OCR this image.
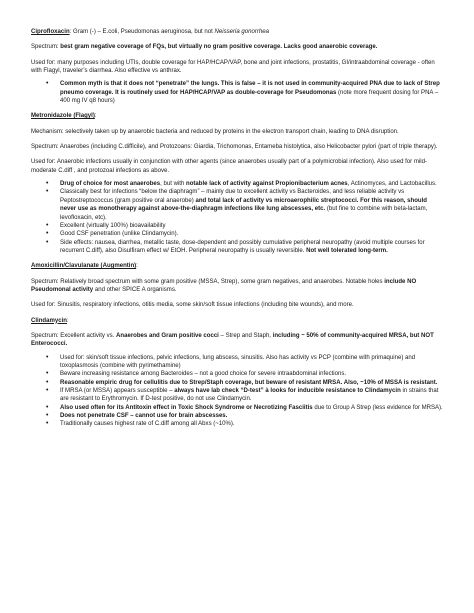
Ciprofloxacin: Gram (-) – E.coli, Pseudomonas aeruginosa, but not Neisseria gonorrhea

Spectrum: best gram negative coverage of FQs, but virtually no gram positive coverage. Lacks good anaerobic coverage.

Used for: many purposes including UTIs, double coverage for HAP/HCAP/VAP, bone and joint infections, prostatitis, GI/intraabdominal coverage - often with Flagyl, traveler’s diarrhea. Also effective vs anthrax.

• Common myth is that it does not “penetrate” the lungs. This is false – it is not used in community-acquired PNA due to lack of Strep pneumo coverage. It is routinely used for HAP/HCAP/VAP as double-coverage for Pseudomonas (note more frequent dosing for PNA – 400 mg IV q8 hours)

Metronidazole (Flagyl):

Mechanism: selectively taken up by anaerobic bacteria and reduced by proteins in the electron transport chain, leading to DNA disruption.

Spectrum: Anaerobes (including C.difficile), and Protozoans: Giardia, Trichomonas, Entameba histolytica, also Helicobacter pylori (part of triple therapy).

Used for: Anaerobic infections usually in conjunction with other agents (since anaerobes usually part of a polymicrobial infection). Also used for mild-moderate C.diff , and protozoal infections as above.

• Drug of choice for most anaerobes, but with notable lack of activity against Propionibacterium acnes, Actinomyces, and Lactobacillus.
• Classically best for infections “below the diaphragm” – mainly due to excellent activity vs Bacteroides, and less reliable activity vs Peptostreptococcus (gram positive oral anaerobe) and total lack of activity vs microaerophilic streptococci. For this reason, should never use as monotherapy against above-the-diaphragm infections like lung abscesses, etc. (but fine to combine with beta-lactam, levofloxacin, etc).
• Excellent (virtually 100%) bioavailability
• Good CSF penetration (unlike Clindamycin).
• Side effects: nausea, diarrhea, metallic taste, dose-dependent and possibly cumulative peripheral neuropathy (avoid multiple courses for recurrent C.diff), also Disulfiram effect w/ EtOH. Peripheral neuropathy is usually reversible. Not well tolerated long-term.

Amoxicillin/Clavulanate (Augmentin):

Spectrum: Relatively broad spectrum with some gram positive (MSSA, Strep), some gram negatives, and anaerobes. Notable holes include NO Pseudomonal activity and other SPICE A organisms.

Used for: Sinusitis, respiratory infections, otitis media, some skin/soft tissue infections (including bite wounds), and more.

Clindamycin:

Spectrum: Excellent activity vs. Anaerobes and Gram positive cocci – Strep and Staph, including ~ 50% of community-acquired MRSA, but NOT Enterococci.

• Used for: skin/soft tissue infections, pelvic infections, lung abscess, sinusitis. Also has activity vs PCP (combine with primaquine) and toxoplasmosis (combine with pyrimethamine)
• Beware increasing resistance among Bacteroides – not a good choice for severe intraabdominal infections.
• Reasonable empiric drug for cellulitis due to Strep/Staph coverage, but beware of resistant MRSA. Also, ~10% of MSSA is resistant.
• If MRSA (or MSSA) appears susceptible – always have lab check “D-test” à looks for inducible resistance to Clindamycin in strains that are resistant to Erythromycin. If D-test positive, do not use Clindamycin.
• Also used often for its Antitoxin effect in Toxic Shock Syndrome or Necrotizing Fasciitis due to Group A Strep (less evidence for MRSA).
• Does not penetrate CSF – cannot use for brain abscesses.
• Traditionally causes highest rate of C.diff among all Abxs (~10%).
